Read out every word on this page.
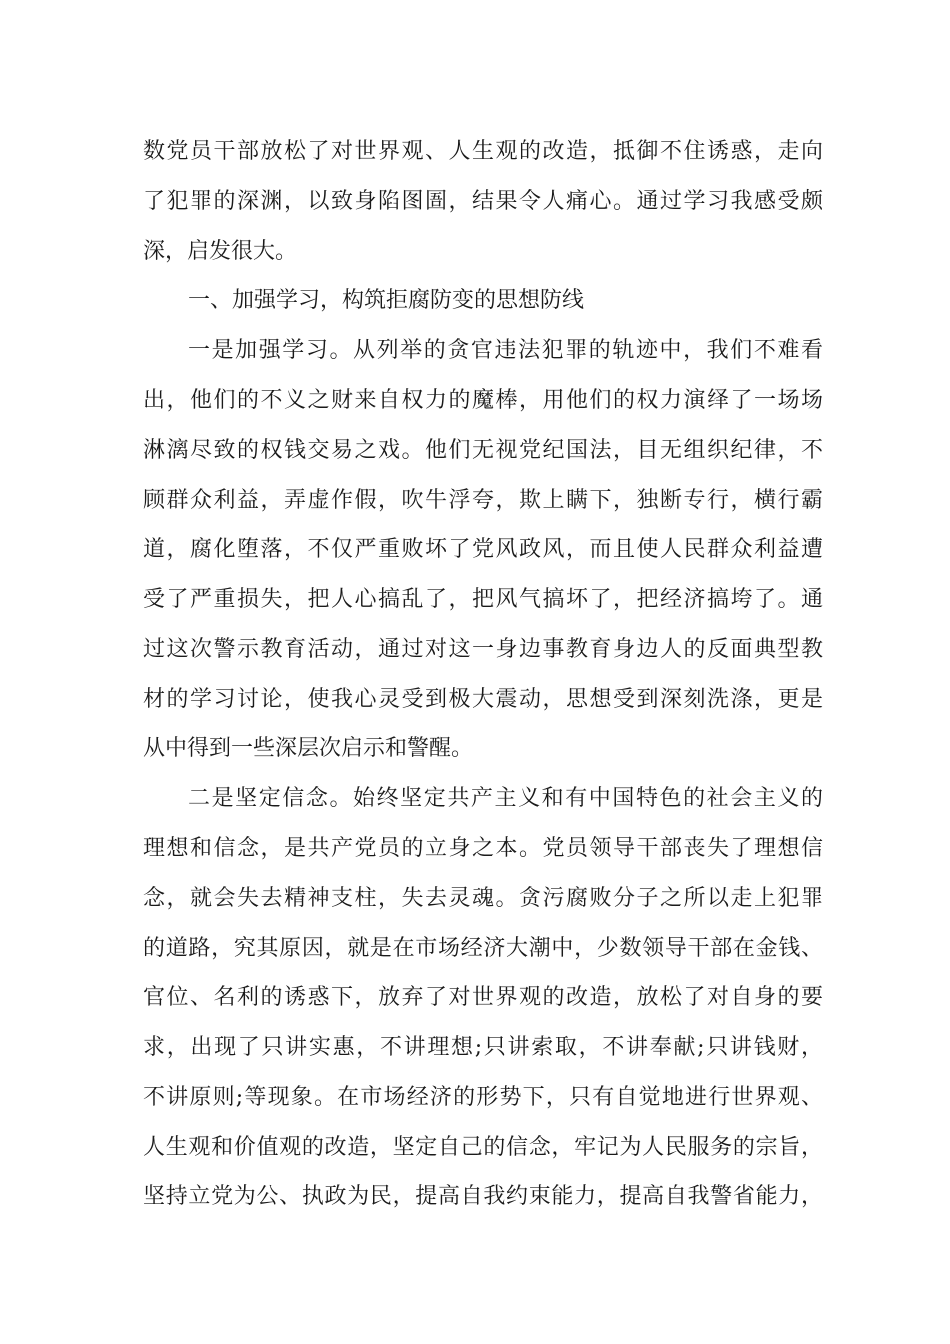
数党员干部放松了对世界观、人生观的改造，抵御不住诱惑，走向
了犯罪的深渊，以致身陷图圄，结果令人痛心。通过学习我感受颇
深，启发很大。
一、加强学习，构筑拒腐防变的思想防线
一是加强学习。从列举的贪官违法犯罪的轨迹中，我们不难看
出，他们的不义之财来自权力的魔棒，用他们的权力演绎了一场场
淋漓尽致的权钱交易之戏。他们无视党纪国法，目无组织纪律，不
顾群众利益，弄虚作假，吹牛浮夸，欺上瞒下，独断专行，横行霸
道，腐化堕落，不仅严重败坏了党风政风，而且使人民群众利益遭
受了严重损失，把人心搞乱了，把风气搞坏了，把经济搞垮了。通
过这次警示教育活动，通过对这一身边事教育身边人的反面典型教
材的学习讨论，使我心灵受到极大震动，思想受到深刻洗涤，更是
从中得到一些深层次启示和警醒。
二是坚定信念。始终坚定共产主义和有中国特色的社会主义的
理想和信念，是共产党员的立身之本。党员领导干部丧失了理想信
念，就会失去精神支柱，失去灵魂。贪污腐败分子之所以走上犯罪
的道路，究其原因，就是在市场经济大潮中，少数领导干部在金钱、
官位、名利的诱惑下，放弃了对世界观的改造，放松了对自身的要
求，出现了只讲实惠，不讲理想;只讲索取，不讲奉献;只讲钱财，
不讲原则;等现象。在市场经济的形势下，只有自觉地进行世界观、
人生观和价值观的改造，坚定自己的信念，牢记为人民服务的宗旨，
坚持立党为公、执政为民，提高自我约束能力，提高自我警省能力，
